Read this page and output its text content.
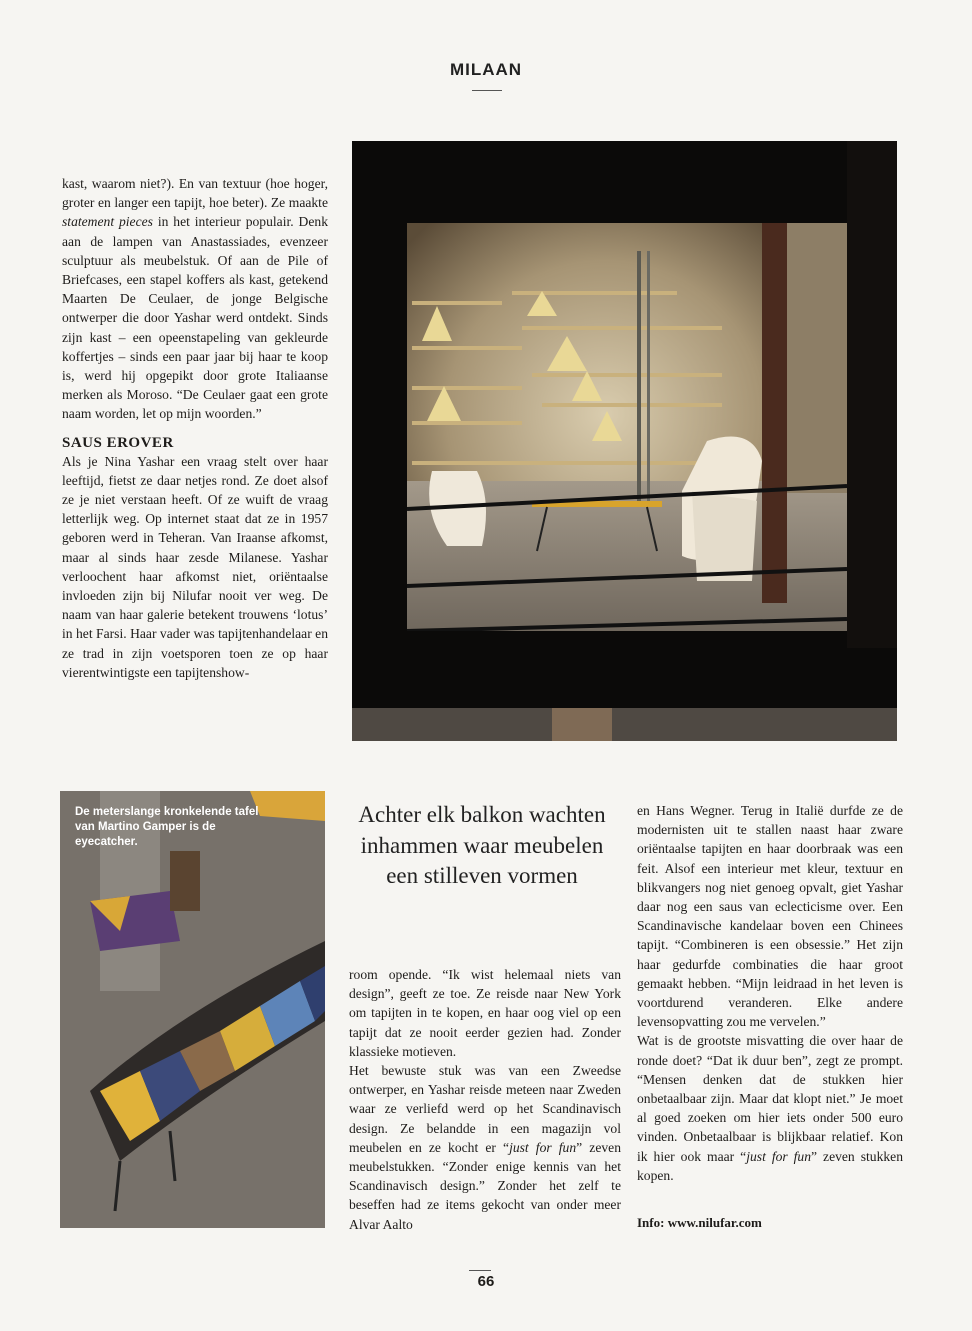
MILAAN

kast, waarom niet?). En van textuur (hoe hoger, groter en langer een tapijt, hoe beter). Ze maakte statement pieces in het interieur populair. Denk aan de lampen van Anastassiades, evenzeer sculptuur als meubelstuk. Of aan de Pile of Briefcases, een stapel koffers als kast, getekend Maarten De Ceulaer, de jonge Belgische ontwerper die door Yashar werd ontdekt. Sinds zijn kast – een opeenstapeling van gekleurde koffertjes – sinds een paar jaar bij haar te koop is, werd hij opgepikt door grote Italiaanse merken als Moroso. “De Ceulaer gaat een grote naam worden, let op mijn woorden.”

SAUS EROVER

Als je Nina Yashar een vraag stelt over haar leeftijd, fietst ze daar netjes rond. Ze doet alsof ze je niet verstaan heeft. Of ze wuift de vraag letterlijk weg. Op internet staat dat ze in 1957 geboren werd in Teheran. Van Iraanse afkomst, maar al sinds haar zesde Milanese. Yashar verloochent haar afkomst niet, oriëntaalse invloeden zijn bij Nilufar nooit ver weg. De naam van haar galerie betekent trouwens ‘lotus’ in het Farsi. Haar vader was tapijtenhandelaar en ze trad in zijn voetsporen toen ze op haar vierentwintigste een tapijtenshow-

De meterslange kronkelende tafel van Martino Gamper is de eyecatcher.
Achter elk balkon wachten inhammen waar meubelen een stilleven vormen

room opende. “Ik wist helemaal niets van design”, geeft ze toe. Ze reisde naar New York om tapijten in te kopen, en haar oog viel op een tapijt dat ze nooit eerder gezien had. Zonder klassieke motieven.

Het bewuste stuk was van een Zweedse ontwerper, en Yashar reisde meteen naar Zweden waar ze verliefd werd op het Scandinavisch design. Ze belandde in een magazijn vol meubelen en ze kocht er “just for fun” zeven meubelstukken. “Zonder enige kennis van het Scandinavisch design.” Zonder het zelf te beseffen had ze items gekocht van onder meer Alvar Aalto

en Hans Wegner. Terug in Italië durfde ze de modernisten uit te stallen naast haar zware oriëntaalse tapijten en haar doorbraak was een feit. Alsof een interieur met kleur, textuur en blikvangers nog niet genoeg opvalt, giet Yashar daar nog een saus van eclecticisme over. Een Scandinavische kandelaar boven een Chinees tapijt. “Combineren is een obsessie.” Het zijn haar gedurfde combinaties die haar groot gemaakt hebben. “Mijn leidraad in het leven is voortdurend veranderen. Elke andere levensopvatting zou me vervelen.”

Wat is de grootste misvatting die over haar de ronde doet? “Dat ik duur ben”, zegt ze prompt. “Mensen denken dat de stukken hier onbetaalbaar zijn. Maar dat klopt niet.” Je moet al goed zoeken om hier iets onder 500 euro vinden. Onbetaalbaar is blijkbaar relatief. Kon ik hier ook maar “just for fun” zeven stukken kopen.

Info: www.nilufar.com
66
